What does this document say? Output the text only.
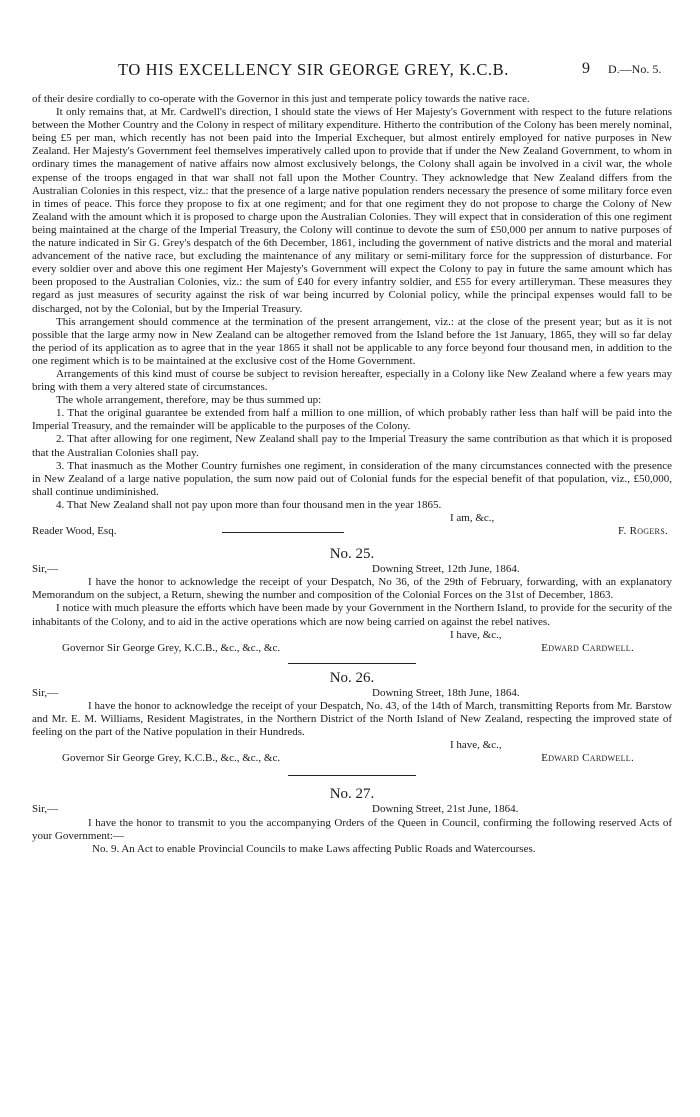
TO HIS EXCELLENCY SIR GEORGE GREY, K.C.B.	9 D.—No. 5.

of their desire cordially to co-operate with the Governor in this just and temperate policy towards the native race.

It only remains that, at Mr. Cardwell's direction, I should state the views of Her Majesty's Government with respect to the future relations between the Mother Country and the Colony in respect of military expenditure. Hitherto the contribution of the Colony has been merely nominal, being £5 per man, which recently has not been paid into the Imperial Exchequer, but almost entirely employed for native purposes in New Zealand. Her Majesty's Government feel themselves imperatively called upon to provide that if under the New Zealand Government, to whom in ordinary times the management of native affairs now almost exclusively belongs, the Colony shall again be involved in a civil war, the whole expense of the troops engaged in that war shall not fall upon the Mother Country. They acknowledge that New Zealand differs from the Australian Colonies in this respect, viz.: that the presence of a large native population renders necessary the presence of some military force even in times of peace. This force they propose to fix at one regiment; and for that one regiment they do not propose to charge the Colony of New Zealand with the amount which it is proposed to charge upon the Australian Colonies. They will expect that in consideration of this one regiment being maintained at the charge of the Imperial Treasury, the Colony will continue to devote the sum of £50,000 per annum to native purposes of the nature indicated in Sir G. Grey's despatch of the 6th December, 1861, including the government of native districts and the moral and material advancement of the native race, but excluding the maintenance of any military or semi-military force for the suppression of disturbance. For every soldier over and above this one regiment Her Majesty's Government will expect the Colony to pay in future the same amount which has been proposed to the Australian Colonies, viz.: the sum of £40 for every infantry soldier, and £55 for every artilleryman. These measures they regard as just measures of security against the risk of war being incurred by Colonial policy, while the principal expenses would fall to be discharged, not by the Colonial, but by the Imperial Treasury.

This arrangement should commence at the termination of the present arrangement, viz.: at the close of the present year; but as it is not possible that the large army now in New Zealand can be altogether removed from the Island before the 1st January, 1865, they will so far delay the period of its application as to agree that in the year 1865 it shall not be applicable to any force beyond four thousand men, in addition to the one regiment which is to be maintained at the exclusive cost of the Home Government.

Arrangements of this kind must of course be subject to revision hereafter, especially in a Colony like New Zealand where a few years may bring with them a very altered state of circumstances.

The whole arrangement, therefore, may be thus summed up:

1. That the original guarantee be extended from half a million to one million, of which probably rather less than half will be paid into the Imperial Treasury, and the remainder will be applicable to the purposes of the Colony.

2. That after allowing for one regiment, New Zealand shall pay to the Imperial Treasury the same contribution as that which it is proposed that the Australian Colonies shall pay.

3. That inasmuch as the Mother Country furnishes one regiment, in consideration of the many circumstances connected with the presence in New Zealand of a large native population, the sum now paid out of Colonial funds for the especial benefit of that population, viz., £50,000, shall continue undiminished.

4. That New Zealand shall not pay upon more than four thousand men in the year 1865.

I am, &c.,
Reader Wood, Esq.	F. Rogers.
No. 25.
Sir,—	Downing Street, 12th June, 1864.

I have the honor to acknowledge the receipt of your Despatch, No 36, of the 29th of February, forwarding, with an explanatory Memorandum on the subject, a Return, shewing the number and composition of the Colonial Forces on the 31st of December, 1863.

I notice with much pleasure the efforts which have been made by your Government in the Northern Island, to provide for the security of the inhabitants of the Colony, and to aid in the active operations which are now being carried on against the rebel natives.

I have, &c.,
Governor Sir George Grey, K.C.B., &c., &c., &c.	Edward Cardwell.
No. 26.
Sir,—	Downing Street, 18th June, 1864.

I have the honor to acknowledge the receipt of your Despatch, No. 43, of the 14th of March, transmitting Reports from Mr. Barstow and Mr. E. M. Williams, Resident Magistrates, in the Northern District of the North Island of New Zealand, respecting the improved state of feeling on the part of the Native population in their Hundreds.

I have, &c.,
Governor Sir George Grey, K.C.B., &c., &c., &c.	Edward Cardwell.
No. 27.
Sir,—	Downing Street, 21st June, 1864.

I have the honor to transmit to you the accompanying Orders of the Queen in Council, confirming the following reserved Acts of your Government:—

No. 9. An Act to enable Provincial Councils to make Laws affecting Public Roads and Watercourses.
